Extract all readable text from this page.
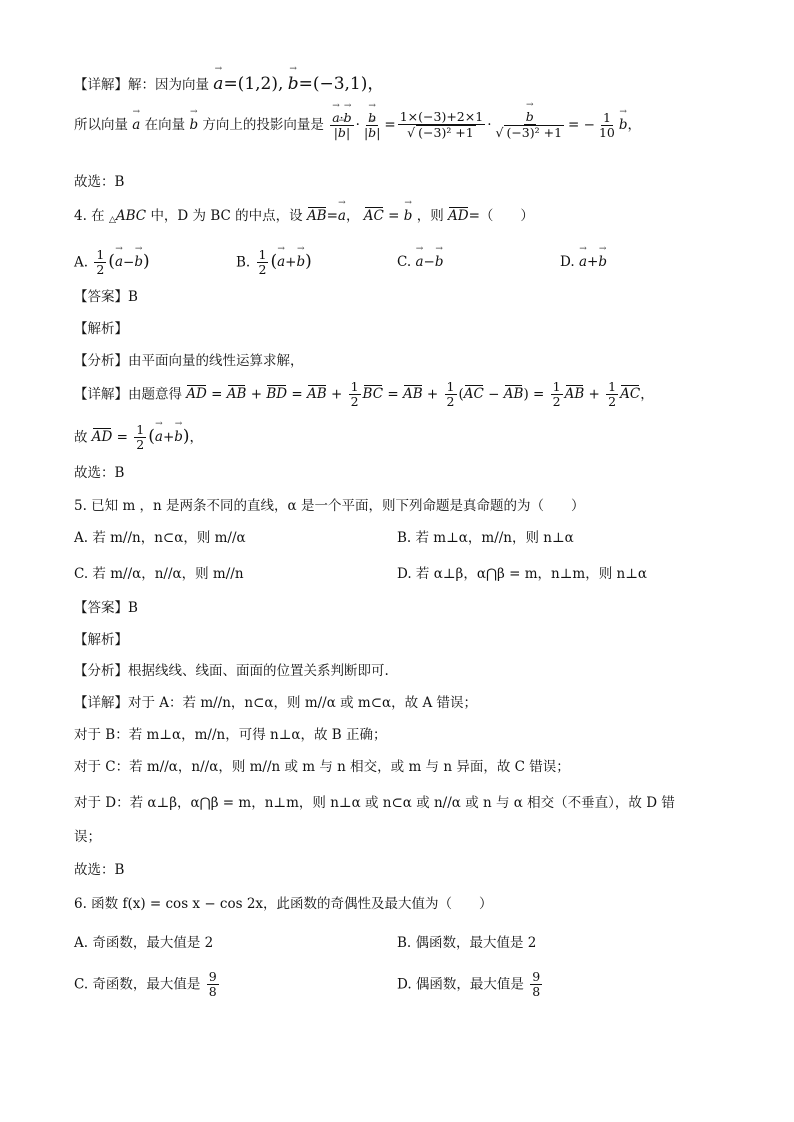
【详解】解：因为向量 → a=(1,2), → b=(−3,1)，
所以向量 → a 在向量 → b 方向上的投影向量是
→ $\frac{a\cdot\to b}{|\to b|}$ ·
→ $\frac{b}{|\to b|} = \frac{1\times(-3)+2\times 1}{\text{√ (−3)² +1}}$ ·
→ $\frac{b}{\text{√ (−3)² +1}}$ = − $\frac{1}{10}$
→ b，
故选：B
4. 在 △ABC 中，D 为 BC 的中点，设 AB=→ a， AC = → b ，则 AD=（　　）
A. $\frac{1}{2}$ (→ a−→ b)	B. $\frac{1}{2}$ (→ a+→ b)	C. → a−→ b	D. → a+→ b
【答案】B
【解析】
【分析】由平面向量的线性运算求解，
【详解】由题意得 AD = AB + BD = AB + $\frac{1}{2}$ BC = AB + $\frac{1}{2} (AC - AB) = \frac{1}{2}$ AB + $\frac{1}{2}$ AC，
故 AD = $\frac{1}{2}$ (→ a+→ b)，
故选：B
5. 已知 m ，n 是两条不同的直线，α 是一个平面，则下列命题是真命题的为（　　）
A. 若 m//n，n⊂α，则 m//α	B. 若 m⊥α，m//n，则 n⊥α
C. 若 m//α，n//α，则 m//n	D. 若 α⊥β，α⋂β = m，n⊥m，则 n⊥α
【答案】B
【解析】
【分析】根据线线、线面、面面的位置关系判断即可.
【详解】对于 A：若 m//n，n⊂α，则 m//α 或 m⊂α，故 A 错误；
对于 B：若 m⊥α，m//n，可得 n⊥α，故 B 正确；
对于 C：若 m//α，n//α，则 m//n 或 m 与 n 相交，或 m 与 n 异面，故 C 错误；
对于 D：若 α⊥β，α⋂β = m，n⊥m，则 n⊥α 或 n⊂α 或 n//α 或 n 与 α 相交（不垂直），故 D 错
误；
故选：B
6. 函数 f(x) = cos x − cos 2x，此函数的奇偶性及最大值为（　　）
A. 奇函数，最大值是 2	B. 偶函数，最大值是 2
C. 奇函数，最大值是 $\frac{9}{8}$	D. 偶函数，最大值是 $\frac{9}{8}$
